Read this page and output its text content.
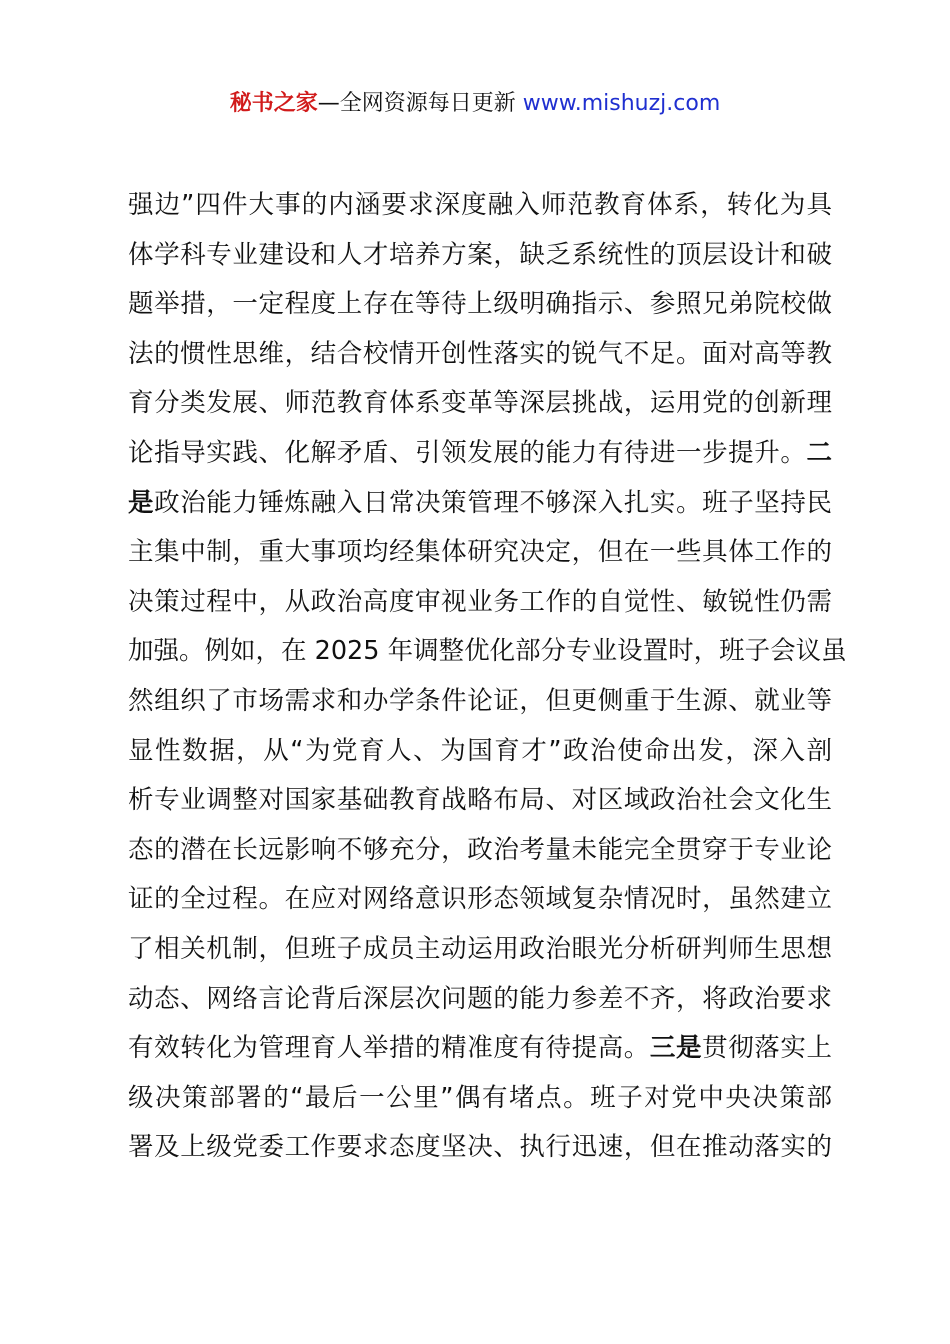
秘书之家—全网资源每日更新 www.mishuzj.com
强边”四件大事的内涵要求深度融入师范教育体系，转化为具
体学科专业建设和人才培养方案，缺乏系统性的顶层设计和破
题举措，一定程度上存在等待上级明确指示、参照兄弟院校做
法的惯性思维，结合校情开创性落实的锐气不足。面对高等教
育分类发展、师范教育体系变革等深层挑战，运用党的创新理
论指导实践、化解矛盾、引领发展的能力有待进一步提升。二
是政治能力锤炼融入日常决策管理不够深入扎实。班子坚持民
主集中制，重大事项均经集体研究决定，但在一些具体工作的
决策过程中，从政治高度审视业务工作的自觉性、敏锐性仍需
加强。例如，在 2025 年调整优化部分专业设置时，班子会议虽
然组织了市场需求和办学条件论证，但更侧重于生源、就业等
显性数据，从“为党育人、为国育才”政治使命出发，深入剖
析专业调整对国家基础教育战略布局、对区域政治社会文化生
态的潜在长远影响不够充分，政治考量未能完全贯穿于专业论
证的全过程。在应对网络意识形态领域复杂情况时，虽然建立
了相关机制，但班子成员主动运用政治眼光分析研判师生思想
动态、网络言论背后深层次问题的能力参差不齐，将政治要求
有效转化为管理育人举措的精准度有待提高。三是贯彻落实上
级决策部署的“最后一公里”偶有堵点。班子对党中央决策部
署及上级党委工作要求态度坚决、执行迅速，但在推动落实的
